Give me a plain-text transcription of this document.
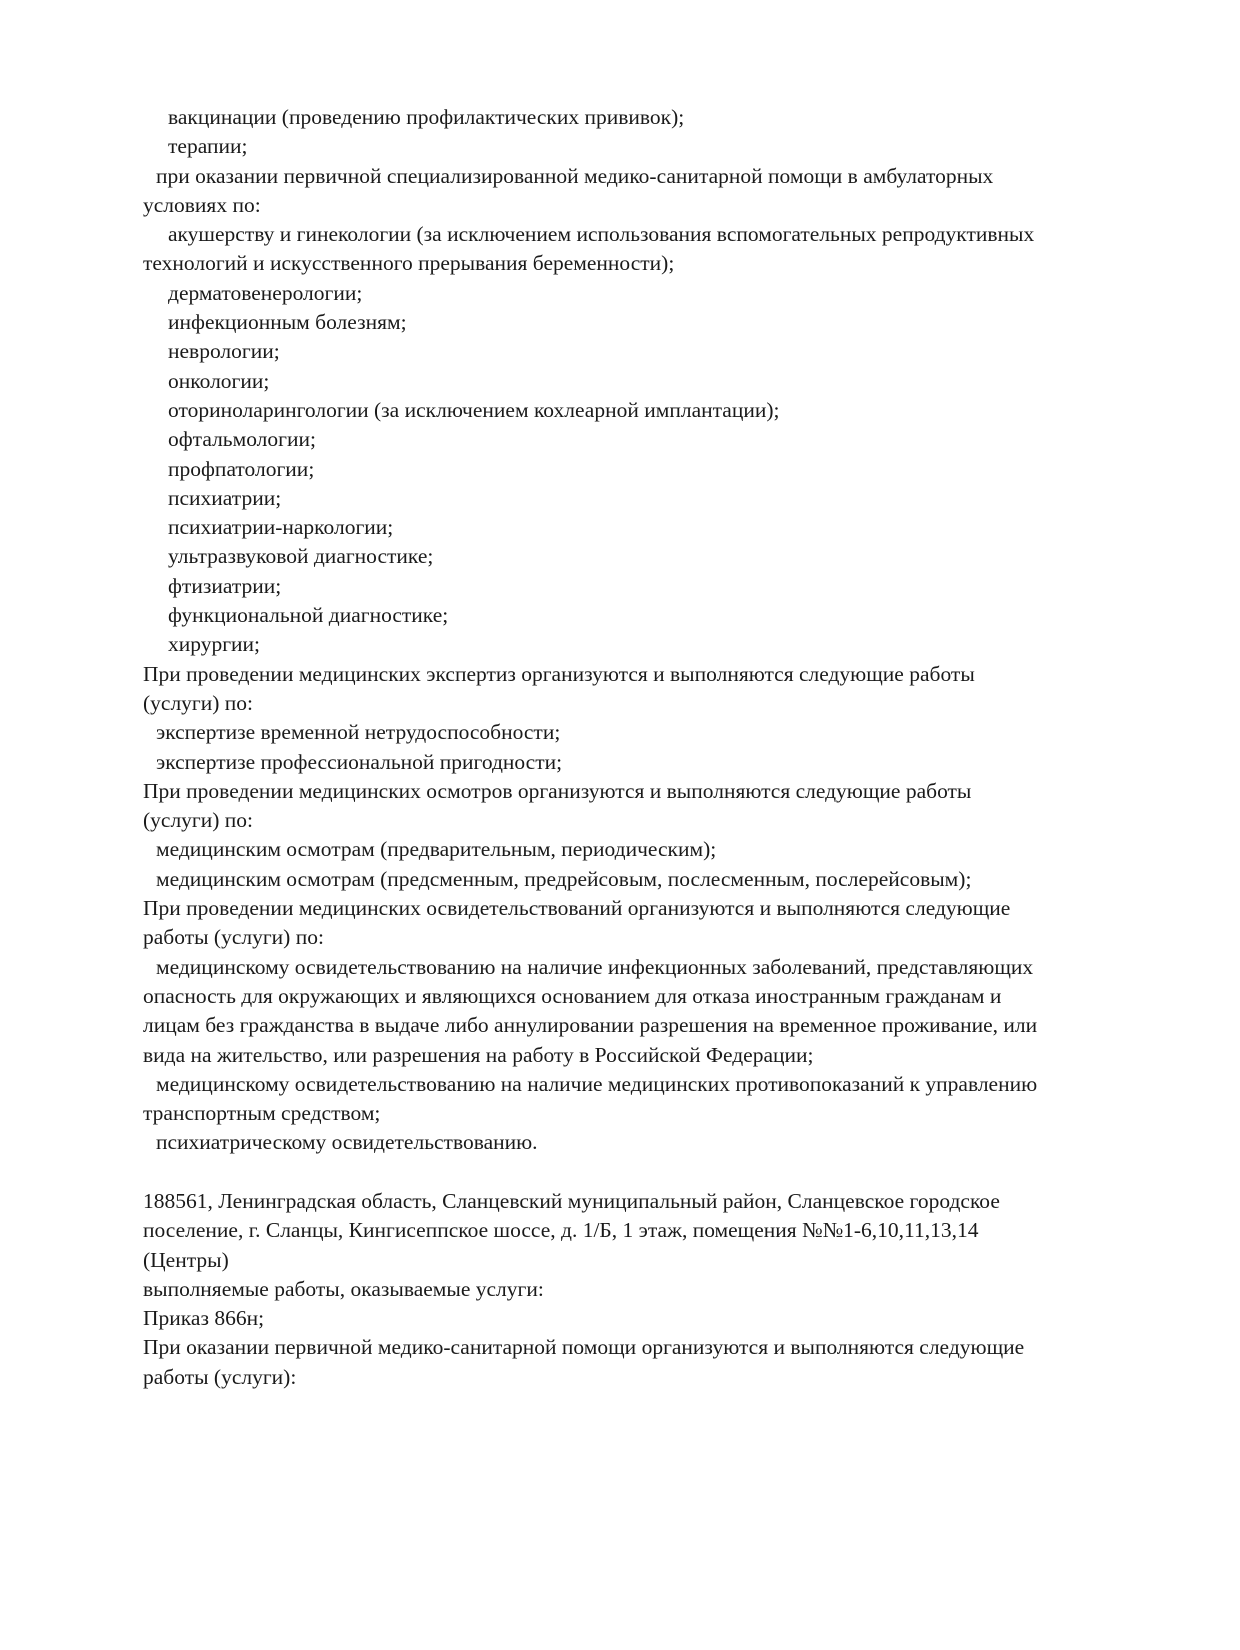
вакцинации (проведению профилактических прививок);
терапии;
при оказании первичной специализированной медико-санитарной помощи в амбулаторных
условиях по:
акушерству и гинекологии (за исключением использования вспомогательных репродуктивных
технологий и искусственного прерывания беременности);
дерматовенерологии;
инфекционным болезням;
неврологии;
онкологии;
оториноларингологии (за исключением кохлеарной имплантации);
офтальмологии;
профпатологии;
психиатрии;
психиатрии-наркологии;
ультразвуковой диагностике;
фтизиатрии;
функциональной диагностике;
хирургии;
При проведении медицинских экспертиз организуются и выполняются следующие работы
(услуги) по:
экспертизе временной нетрудоспособности;
экспертизе профессиональной пригодности;
При проведении медицинских осмотров организуются и выполняются следующие работы
(услуги) по:
медицинским осмотрам (предварительным, периодическим);
медицинским осмотрам (предсменным, предрейсовым, послесменным, послерейсовым);
При проведении медицинских освидетельствований организуются и выполняются следующие
работы (услуги) по:
медицинскому освидетельствованию на наличие инфекционных заболеваний, представляющих
опасность для окружающих и являющихся основанием для отказа иностранным гражданам и
лицам без гражданства в выдаче либо аннулировании разрешения на временное проживание, или
вида на жительство, или разрешения на работу в Российской Федерации;
медицинскому освидетельствованию на наличие медицинских противопоказаний к управлению
транспортным средством;
психиатрическому освидетельствованию.
188561, Ленинградская область, Сланцевский муниципальный район, Сланцевское городское
поселение, г. Сланцы, Кингисеппское шоссе, д. 1/Б, 1 этаж, помещения №№1-6,10,11,13,14
(Центры)
выполняемые работы, оказываемые услуги:
Приказ 866н;
При оказании первичной медико-санитарной помощи организуются и выполняются следующие
работы (услуги):
